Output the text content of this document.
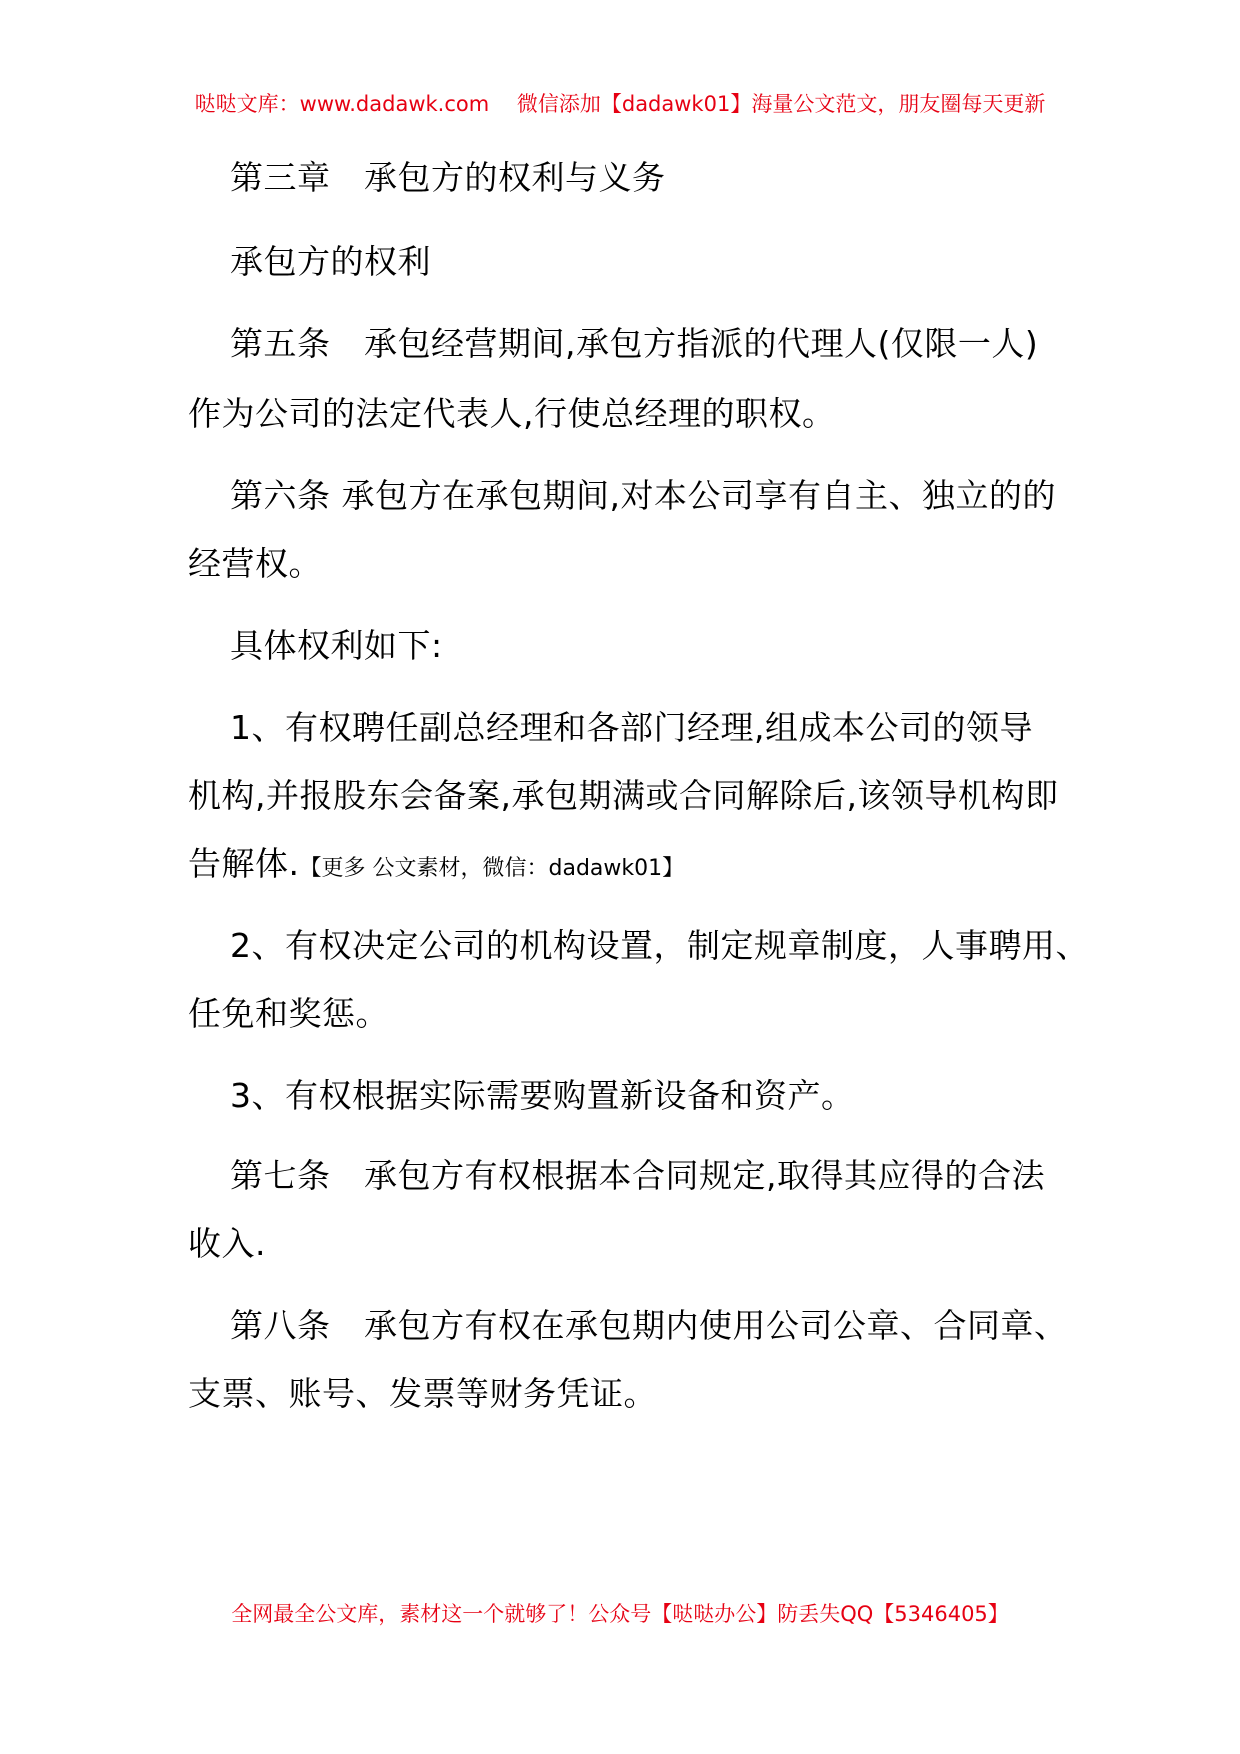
哒哒文库：www.dadawk.com　 微信添加【dadawk01】海量公文范文，朋友圈每天更新
第三章　承包方的权利与义务
承包方的权利
第五条　承包经营期间,承包方指派的代理人(仅限一人)
作为公司的法定代表人,行使总经理的职权。
第六条 承包方在承包期间,对本公司享有自主、独立的的
经营权。
具体权利如下:
1、有权聘任副总经理和各部门经理,组成本公司的领导
机构,并报股东会备案,承包期满或合同解除后,该领导机构即
告解体.【更多 公文素材，微信：dadawk01】
2、有权决定公司的机构设置，制定规章制度，人事聘用、
任免和奖惩。
3、有权根据实际需要购置新设备和资产。
第七条　承包方有权根据本合同规定,取得其应得的合法
收入.
第八条　承包方有权在承包期内使用公司公章、合同章、
支票、账号、发票等财务凭证。
全网最全公文库，素材这一个就够了！公众号【哒哒办公】防丢失QQ【5346405】
